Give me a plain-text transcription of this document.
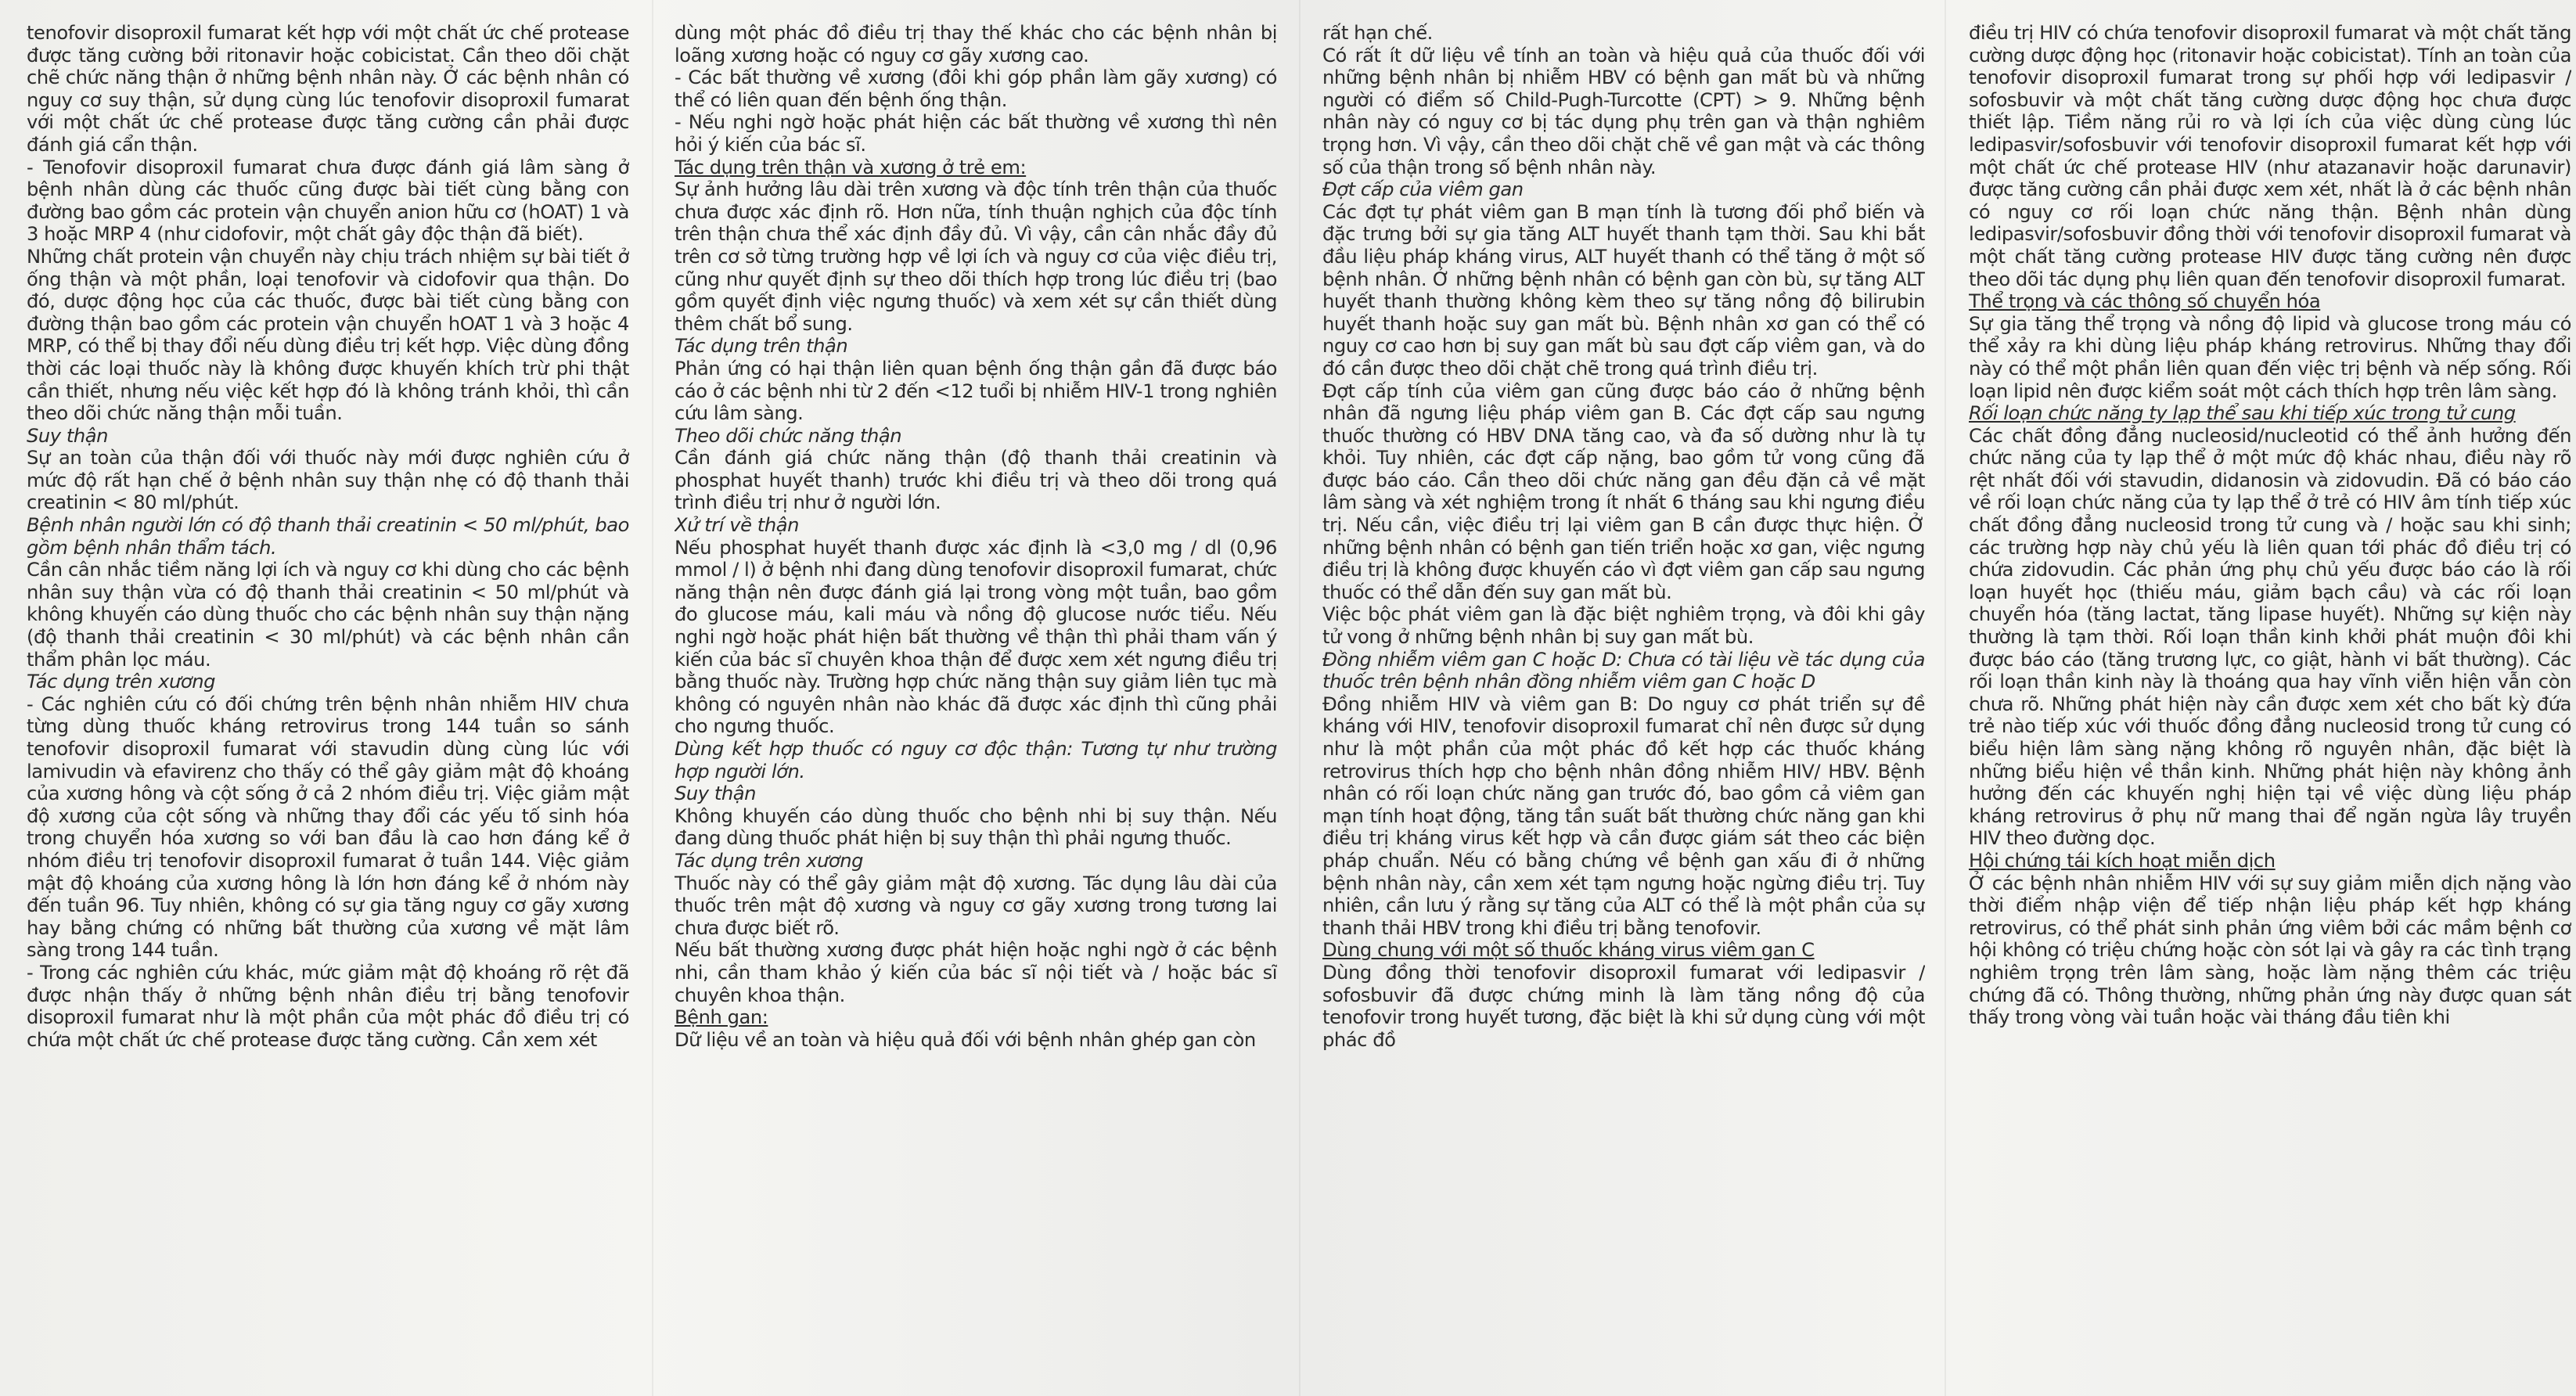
tenofovir disoproxil fumarat kết hợp với một chất ức chế protease được tăng cường bởi ritonavir hoặc cobicistat. Cần theo dõi chặt chẽ chức năng thận ở những bệnh nhân này. Ở các bệnh nhân có nguy cơ suy thận, sử dụng cùng lúc tenofovir disoproxil fumarat với một chất ức chế protease được tăng cường cần phải được đánh giá cẩn thận.

- Tenofovir disoproxil fumarat chưa được đánh giá lâm sàng ở bệnh nhân dùng các thuốc cũng được bài tiết cùng bằng con đường bao gồm các protein vận chuyển anion hữu cơ (hOAT) 1 và 3 hoặc MRP 4 (như cidofovir, một chất gây độc thận đã biết).

Những chất protein vận chuyển này chịu trách nhiệm sự bài tiết ở ống thận và một phần, loại tenofovir và cidofovir qua thận. Do đó, dược động học của các thuốc, được bài tiết cùng bằng con đường thận bao gồm các protein vận chuyển hOAT 1 và 3 hoặc 4 MRP, có thể bị thay đổi nếu dùng điều trị kết hợp. Việc dùng đồng thời các loại thuốc này là không được khuyến khích trừ phi thật cần thiết, nhưng nếu việc kết hợp đó là không tránh khỏi, thì cần theo dõi chức năng thận mỗi tuần.

Suy thận

Sự an toàn của thận đối với thuốc này mới được nghiên cứu ở mức độ rất hạn chế ở bệnh nhân suy thận nhẹ có độ thanh thải creatinin < 80 ml/phút.

Bệnh nhân người lớn có độ thanh thải creatinin < 50 ml/phút, bao gồm bệnh nhân thẩm tách.

Cần cân nhắc tiềm năng lợi ích và nguy cơ khi dùng cho các bệnh nhân suy thận vừa có độ thanh thải creatinin < 50 ml/phút và không khuyến cáo dùng thuốc cho các bệnh nhân suy thận nặng (độ thanh thải creatinin < 30 ml/phút) và các bệnh nhân cần thẩm phân lọc máu.

Tác dụng trên xương

- Các nghiên cứu có đối chứng trên bệnh nhân nhiễm HIV chưa từng dùng thuốc kháng retrovirus trong 144 tuần so sánh tenofovir disoproxil fumarat với stavudin dùng cùng lúc với lamivudin và efavirenz cho thấy có thể gây giảm mật độ khoáng của xương hông và cột sống ở cả 2 nhóm điều trị. Việc giảm mật độ xương của cột sống và những thay đổi các yếu tố sinh hóa trong chuyển hóa xương so với ban đầu là cao hơn đáng kể ở nhóm điều trị tenofovir disoproxil fumarat ở tuần 144. Việc giảm mật độ khoáng của xương hông là lớn hơn đáng kể ở nhóm này đến tuần 96. Tuy nhiên, không có sự gia tăng nguy cơ gãy xương hay bằng chứng có những bất thường của xương về mặt lâm sàng trong 144 tuần.

- Trong các nghiên cứu khác, mức giảm mật độ khoáng rõ rệt đã được nhận thấy ở những bệnh nhân điều trị bằng tenofovir disoproxil fumarat như là một phần của một phác đồ điều trị có chứa một chất ức chế protease được tăng cường. Cần xem xét

dùng một phác đồ điều trị thay thế khác cho các bệnh nhân bị loãng xương hoặc có nguy cơ gãy xương cao.

- Các bất thường về xương (đôi khi góp phần làm gãy xương) có thể có liên quan đến bệnh ống thận.

- Nếu nghi ngờ hoặc phát hiện các bất thường về xương thì nên hỏi ý kiến của bác sĩ.

Tác dụng trên thận và xương ở trẻ em:

Sự ảnh hưởng lâu dài trên xương và độc tính trên thận của thuốc chưa được xác định rõ. Hơn nữa, tính thuận nghịch của độc tính trên thận chưa thể xác định đầy đủ. Vì vậy, cần cân nhắc đầy đủ trên cơ sở từng trường hợp về lợi ích và nguy cơ của việc điều trị, cũng như quyết định sự theo dõi thích hợp trong lúc điều trị (bao gồm quyết định việc ngưng thuốc) và xem xét sự cần thiết dùng thêm chất bổ sung.

Tác dụng trên thận

Phản ứng có hại thận liên quan bệnh ống thận gần đã được báo cáo ở các bệnh nhi từ 2 đến <12 tuổi bị nhiễm HIV-1 trong nghiên cứu lâm sàng.

Theo dõi chức năng thận

Cần đánh giá chức năng thận (độ thanh thải creatinin và phosphat huyết thanh) trước khi điều trị và theo dõi trong quá trình điều trị như ở người lớn.

Xử trí về thận

Nếu phosphat huyết thanh được xác định là <3,0 mg / dl (0,96 mmol / l) ở bệnh nhi đang dùng tenofovir disoproxil fumarat, chức năng thận nên được đánh giá lại trong vòng một tuần, bao gồm đo glucose máu, kali máu và nồng độ glucose nước tiểu. Nếu nghi ngờ hoặc phát hiện bất thường về thận thì phải tham vấn ý kiến của bác sĩ chuyên khoa thận để được xem xét ngưng điều trị bằng thuốc này. Trường hợp chức năng thận suy giảm liên tục mà không có nguyên nhân nào khác đã được xác định thì cũng phải cho ngưng thuốc.

Dùng kết hợp thuốc có nguy cơ độc thận: Tương tự như trường hợp người lớn.

Suy thận

Không khuyến cáo dùng thuốc cho bệnh nhi bị suy thận. Nếu đang dùng thuốc phát hiện bị suy thận thì phải ngưng thuốc.

Tác dụng trên xương

Thuốc này có thể gây giảm mật độ xương. Tác dụng lâu dài của thuốc trên mật độ xương và nguy cơ gãy xương trong tương lai chưa được biết rõ.

Nếu bất thường xương được phát hiện hoặc nghi ngờ ở các bệnh nhi, cần tham khảo ý kiến của bác sĩ nội tiết và / hoặc bác sĩ chuyên khoa thận.

Bệnh gan:

Dữ liệu về an toàn và hiệu quả đối với bệnh nhân ghép gan còn

rất hạn chế.

Có rất ít dữ liệu về tính an toàn và hiệu quả của thuốc đối với những bệnh nhân bị nhiễm HBV có bệnh gan mất bù và những người có điểm số Child-Pugh-Turcotte (CPT) > 9. Những bệnh nhân này có nguy cơ bị tác dụng phụ trên gan và thận nghiêm trọng hơn. Vì vậy, cần theo dõi chặt chẽ về gan mật và các thông số của thận trong số bệnh nhân này.

Đợt cấp của viêm gan

Các đợt tự phát viêm gan B mạn tính là tương đối phổ biến và đặc trưng bởi sự gia tăng ALT huyết thanh tạm thời. Sau khi bắt đầu liệu pháp kháng virus, ALT huyết thanh có thể tăng ở một số bệnh nhân. Ở những bệnh nhân có bệnh gan còn bù, sự tăng ALT huyết thanh thường không kèm theo sự tăng nồng độ bilirubin huyết thanh hoặc suy gan mất bù. Bệnh nhân xơ gan có thể có nguy cơ cao hơn bị suy gan mất bù sau đợt cấp viêm gan, và do đó cần được theo dõi chặt chẽ trong quá trình điều trị.

Đợt cấp tính của viêm gan cũng được báo cáo ở những bệnh nhân đã ngưng liệu pháp viêm gan B. Các đợt cấp sau ngưng thuốc thường có HBV DNA tăng cao, và đa số dường như là tự khỏi. Tuy nhiên, các đợt cấp nặng, bao gồm tử vong cũng đã được báo cáo. Cần theo dõi chức năng gan đều đặn cả về mặt lâm sàng và xét nghiệm trong ít nhất 6 tháng sau khi ngưng điều trị. Nếu cần, việc điều trị lại viêm gan B cần được thực hiện. Ở những bệnh nhân có bệnh gan tiến triển hoặc xơ gan, việc ngưng điều trị là không được khuyến cáo vì đợt viêm gan cấp sau ngưng thuốc có thể dẫn đến suy gan mất bù.

Việc bộc phát viêm gan là đặc biệt nghiêm trọng, và đôi khi gây tử vong ở những bệnh nhân bị suy gan mất bù.

Đồng nhiễm viêm gan C hoặc D: Chưa có tài liệu về tác dụng của thuốc trên bệnh nhân đồng nhiễm viêm gan C hoặc D

Đồng nhiễm HIV và viêm gan B: Do nguy cơ phát triển sự đề kháng với HIV, tenofovir disoproxil fumarat chỉ nên được sử dụng như là một phần của một phác đồ kết hợp các thuốc kháng retrovirus thích hợp cho bệnh nhân đồng nhiễm HIV/ HBV. Bệnh nhân có rối loạn chức năng gan trước đó, bao gồm cả viêm gan mạn tính hoạt động, tăng tần suất bất thường chức năng gan khi điều trị kháng virus kết hợp và cần được giám sát theo các biện pháp chuẩn. Nếu có bằng chứng về bệnh gan xấu đi ở những bệnh nhân này, cần xem xét tạm ngưng hoặc ngừng điều trị. Tuy nhiên, cần lưu ý rằng sự tăng của ALT có thể là một phần của sự thanh thải HBV trong khi điều trị bằng tenofovir.

Dùng chung với một số thuốc kháng virus viêm gan C

Dùng đồng thời tenofovir disoproxil fumarat với ledipasvir / sofosbuvir đã được chứng minh là làm tăng nồng độ của tenofovir trong huyết tương, đặc biệt là khi sử dụng cùng với một phác đồ

điều trị HIV có chứa tenofovir disoproxil fumarat và một chất tăng cường dược động học (ritonavir hoặc cobicistat). Tính an toàn của tenofovir disoproxil fumarat trong sự phối hợp với ledipasvir / sofosbuvir và một chất tăng cường dược động học chưa được thiết lập. Tiềm năng rủi ro và lợi ích của việc dùng cùng lúc ledipasvir/sofosbuvir với tenofovir disoproxil fumarat kết hợp với một chất ức chế protease HIV (như atazanavir hoặc darunavir) được tăng cường cần phải được xem xét, nhất là ở các bệnh nhân có nguy cơ rối loạn chức năng thận. Bệnh nhân dùng ledipasvir/sofosbuvir đồng thời với tenofovir disoproxil fumarat và một chất tăng cường protease HIV được tăng cường nên được theo dõi tác dụng phụ liên quan đến tenofovir disoproxil fumarat.

Thể trọng và các thông số chuyển hóa

Sự gia tăng thể trọng và nồng độ lipid và glucose trong máu có thể xảy ra khi dùng liệu pháp kháng retrovirus. Những thay đổi này có thể một phần liên quan đến việc trị bệnh và nếp sống. Rối loạn lipid nên được kiểm soát một cách thích hợp trên lâm sàng.

Rối loạn chức năng ty lạp thể sau khi tiếp xúc trong tử cung

Các chất đồng đẳng nucleosid/nucleotid có thể ảnh hưởng đến chức năng của ty lạp thể ở một mức độ khác nhau, điều này rõ rệt nhất đối với stavudin, didanosin và zidovudin. Đã có báo cáo về rối loạn chức năng của ty lạp thể ở trẻ có HIV âm tính tiếp xúc chất đồng đẳng nucleosid trong tử cung và / hoặc sau khi sinh; các trường hợp này chủ yếu là liên quan tới phác đồ điều trị có chứa zidovudin. Các phản ứng phụ chủ yếu được báo cáo là rối loạn huyết học (thiếu máu, giảm bạch cầu) và các rối loạn chuyển hóa (tăng lactat, tăng lipase huyết). Những sự kiện này thường là tạm thời. Rối loạn thần kinh khởi phát muộn đôi khi được báo cáo (tăng trương lực, co giật, hành vi bất thường). Các rối loạn thần kinh này là thoáng qua hay vĩnh viễn hiện vẫn còn chưa rõ. Những phát hiện này cần được xem xét cho bất kỳ đứa trẻ nào tiếp xúc với thuốc đồng đẳng nucleosid trong tử cung có biểu hiện lâm sàng nặng không rõ nguyên nhân, đặc biệt là những biểu hiện về thần kinh. Những phát hiện này không ảnh hưởng đến các khuyến nghị hiện tại về việc dùng liệu pháp kháng retrovirus ở phụ nữ mang thai để ngăn ngừa lây truyền HIV theo đường dọc.

Hội chứng tái kích hoạt miễn dịch

Ở các bệnh nhân nhiễm HIV với sự suy giảm miễn dịch nặng vào thời điểm nhập viện để tiếp nhận liệu pháp kết hợp kháng retrovirus, có thể phát sinh phản ứng viêm bởi các mầm bệnh cơ hội không có triệu chứng hoặc còn sót lại và gây ra các tình trạng nghiêm trọng trên lâm sàng, hoặc làm nặng thêm các triệu chứng đã có. Thông thường, những phản ứng này được quan sát thấy trong vòng vài tuần hoặc vài tháng đầu tiên khi
